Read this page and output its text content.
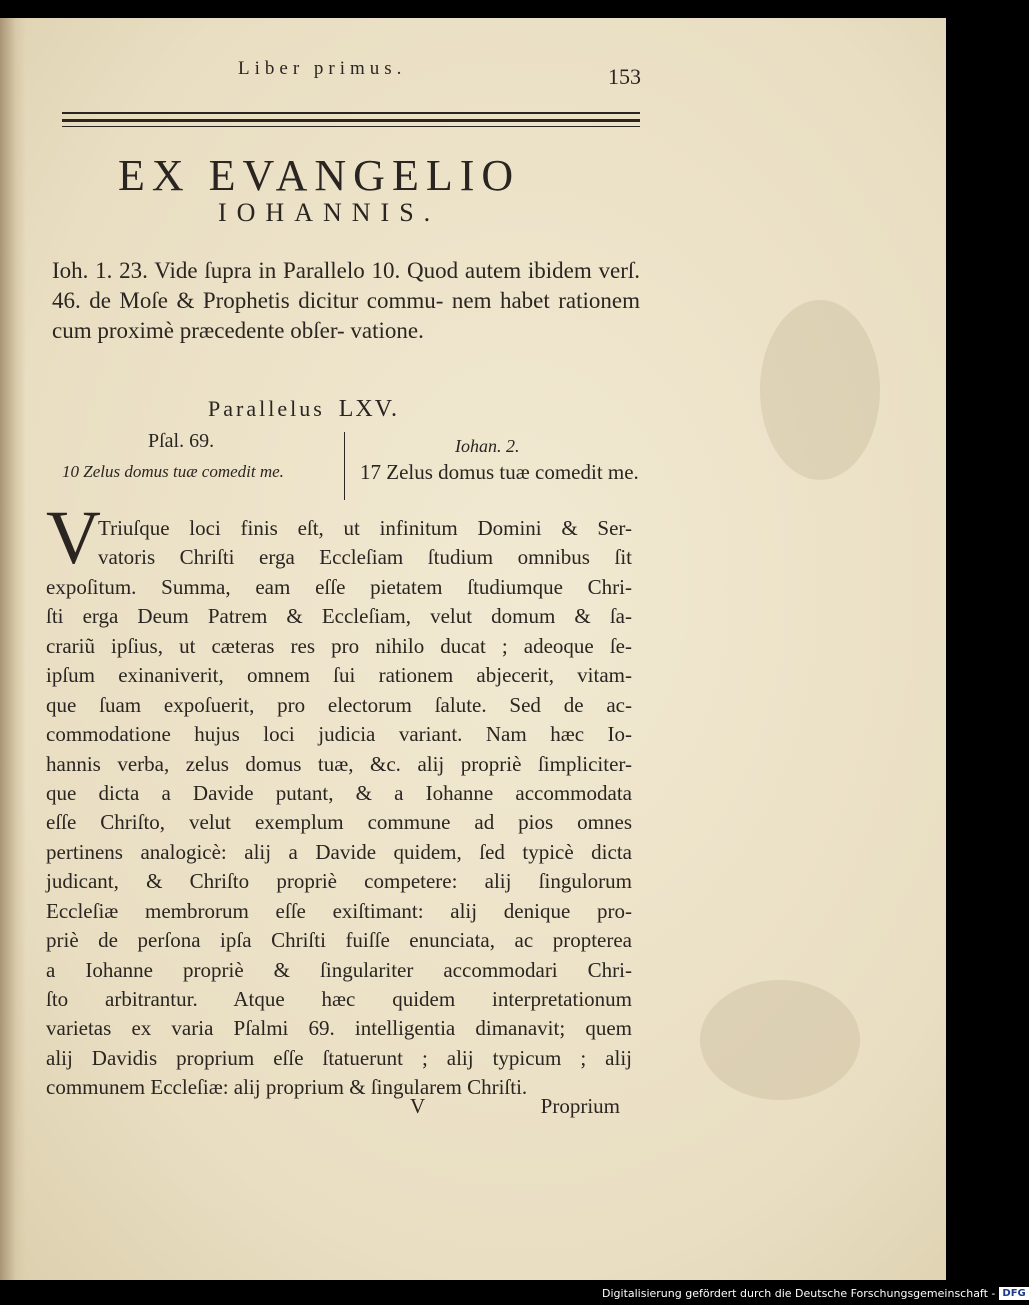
Liber primus.	153
EX EVANGELIO
IOHANNIS.
Ioh. 1. 23. Vide ſupra in Parallelo 10. Quod autem ibidem verſ. 46. de Moſe & Prophetis dicitur commu- nem habet rationem cum proximè præcedente obſer- vatione.
Parallelus LXV.
Pſal. 69.
10 Zelus domus tuæ comedit me.
Iohan. 2.
17 Zelus domus tuæ comedit me.
V
Triuſque loci finis eſt, ut infinitum Domini & Ser-
vatoris Chriſti erga Eccleſiam ſtudium omnibus ſit
expoſitum. Summa, eam eſſe pietatem ſtudiumque Chri-
ſti erga Deum Patrem & Eccleſiam, velut domum & ſa-
crariũ ipſius, ut cæteras res pro nihilo ducat ; adeoque ſe-
ipſum exinaniverit, omnem ſui rationem abjecerit, vitam-
que ſuam expoſuerit, pro electorum ſalute. Sed de ac-
commodatione hujus loci judicia variant. Nam hæc Io-
hannis verba, zelus domus tuæ, &c. alij propriè ſimpliciter-
que dicta a Davide putant, & a Iohanne accommodata
eſſe Chriſto, velut exemplum commune ad pios omnes
pertinens analogicè: alij a Davide quidem, ſed typicè dicta
judicant, & Chriſto propriè competere: alij ſingulorum
Eccleſiæ membrorum eſſe exiſtimant: alij denique pro-
priè de perſona ipſa Chriſti fuiſſe enunciata, ac propterea
a Iohanne propriè & ſingulariter accommodari Chri-
ſto arbitrantur. Atque hæc quidem interpretationum
varietas ex varia Pſalmi 69. intelligentia dimanavit; quem
alij Davidis proprium eſſe ſtatuerunt ; alij typicum ; alij
communem Eccleſiæ: alij proprium & ſingularem Chriſti.
V	Proprium
Digitalisierung gefördert durch die Deutsche Forschungsgemeinschaft - DFG
